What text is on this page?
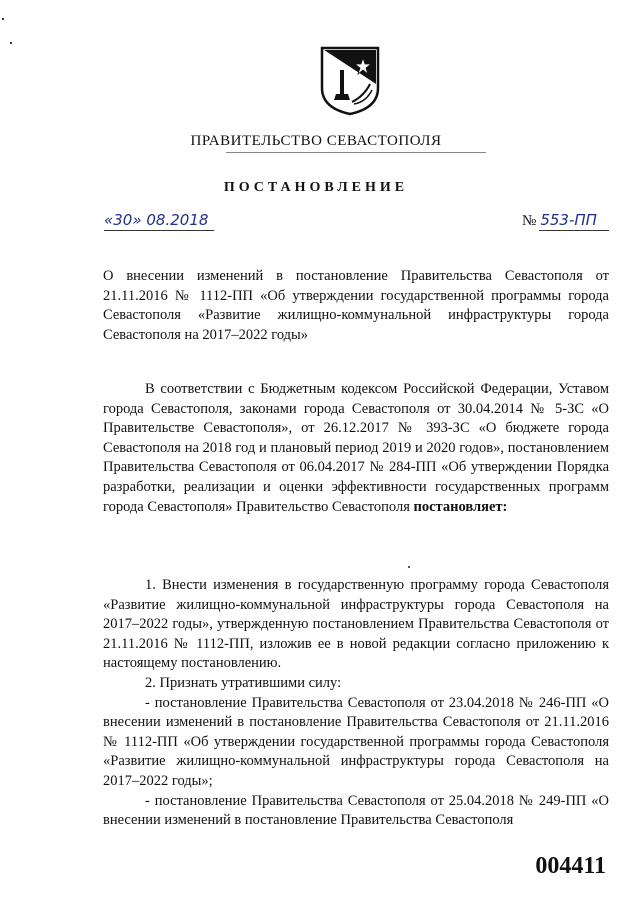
ПРАВИТЕЛЬСТВО СЕВАСТОПОЛЯ
ПОСТАНОВЛЕНИЕ
«30» 08.2018	№ 553-ПП

О внесении изменений в постановление Правительства Севастополя от 21.11.2016 № 1112-ПП «Об утверждении государственной программы города Севастополя «Развитие жилищно-коммунальной инфраструктуры города Севастополя на 2017–2022 годы»

В соответствии с Бюджетным кодексом Российской Федерации, Уставом города Севастополя, законами города Севастополя от 30.04.2014 № 5-ЗС «О Правительстве Севастополя», от 26.12.2017 № 393-ЗС «О бюджете города Севастополя на 2018 год и плановый период 2019 и 2020 годов», постановлением Правительства Севастополя от 06.04.2017 № 284-ПП «Об утверждении Порядка разработки, реализации и оценки эффективности государственных программ города Севастополя» Правительство Севастополя постановляет:

1. Внести изменения в государственную программу города Севастополя «Развитие жилищно-коммунальной инфраструктуры города Севастополя на 2017–2022 годы», утвержденную постановлением Правительства Севастополя от 21.11.2016 № 1112-ПП, изложив ее в новой редакции согласно приложению к настоящему постановлению.

2. Признать утратившими силу:

- постановление Правительства Севастополя от 23.04.2018 № 246-ПП «О внесении изменений в постановление Правительства Севастополя от 21.11.2016 № 1112-ПП «Об утверждении государственной программы города Севастополя «Развитие жилищно-коммунальной инфраструктуры города Севастополя на 2017–2022 годы»;

- постановление Правительства Севастополя от 25.04.2018 № 249-ПП «О внесении изменений в постановление Правительства Севастополя

004411
